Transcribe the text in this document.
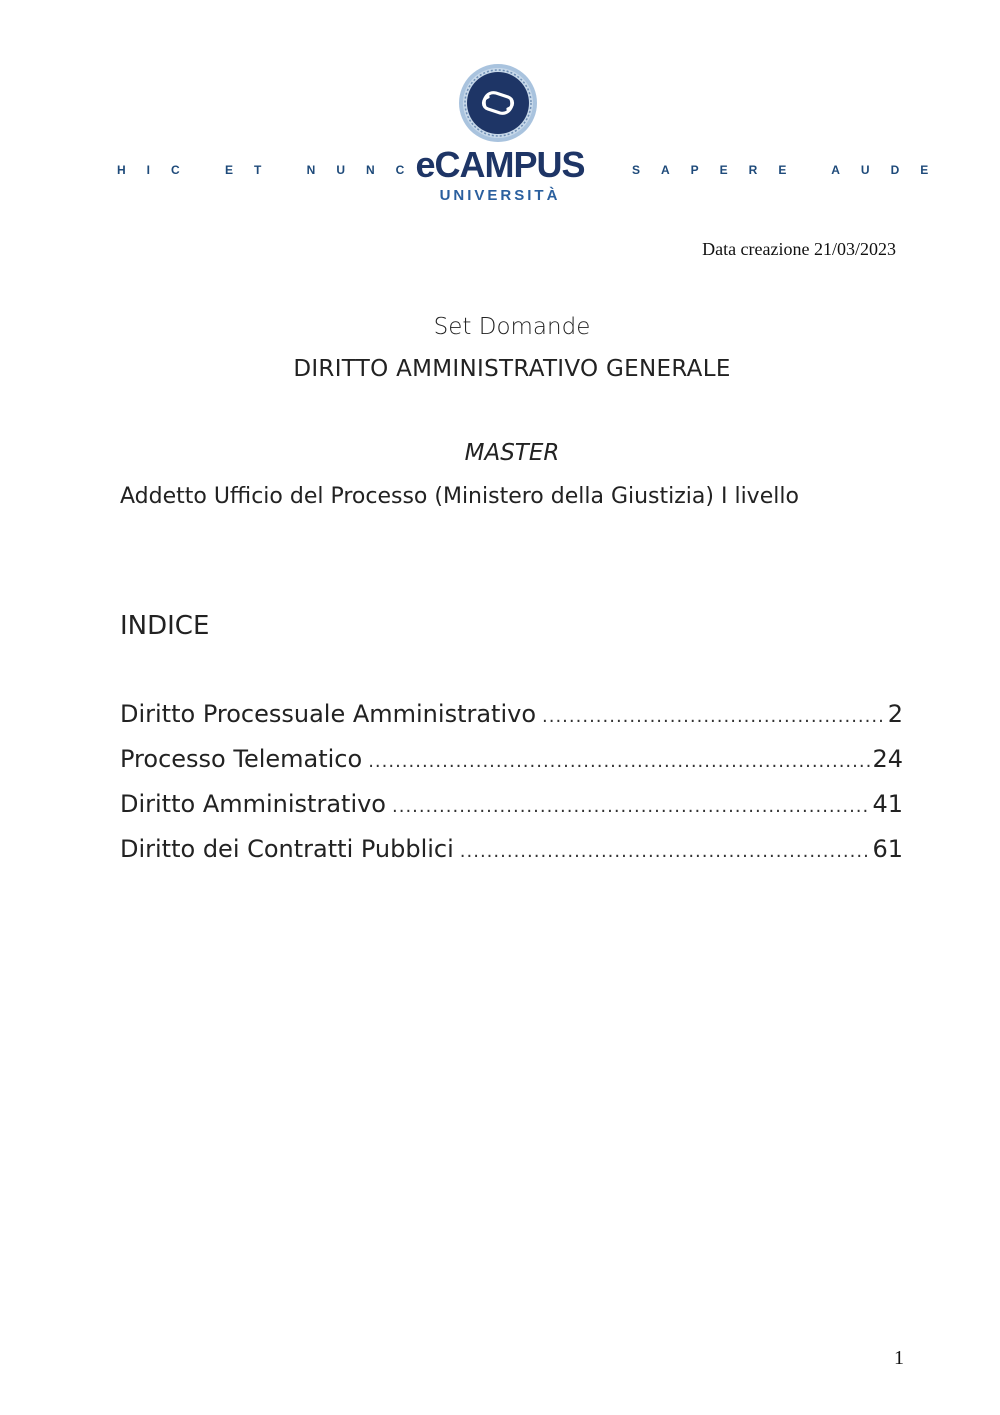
HIC ET NUNC
eCAMPUS
UNIVERSITÀ
SAPERE AUDE
Data creazione 21/03/2023
Set Domande
DIRITTO AMMINISTRATIVO GENERALE
MASTER
Addetto Ufficio del Processo (Ministero della Giustizia) I livello
INDICE
Diritto Processuale Amministrativo .....	2
Processo Telematico .....	24
Diritto Amministrativo .....	41
Diritto dei Contratti Pubblici .....	61
1
